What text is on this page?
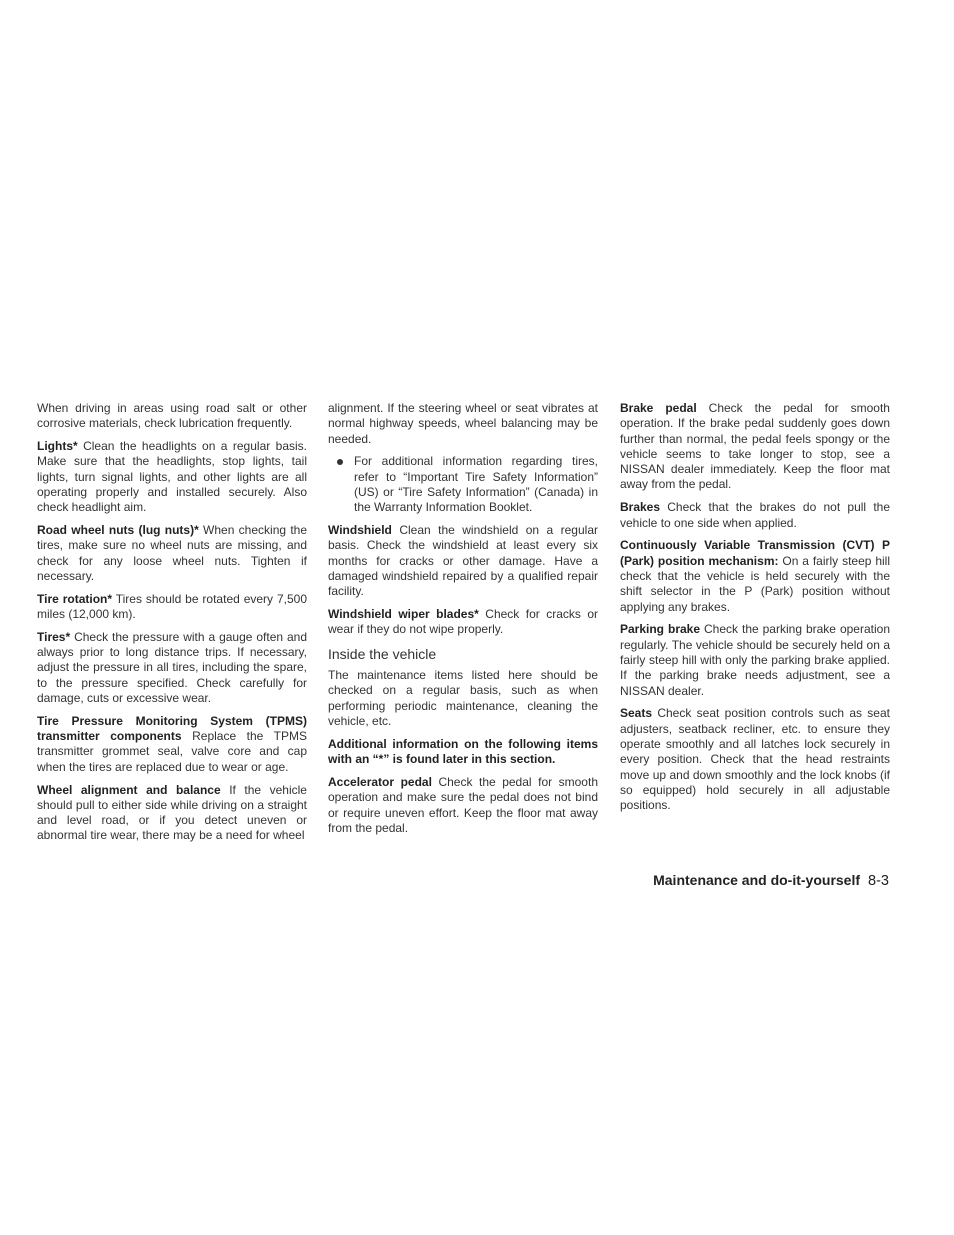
When driving in areas using road salt or other corrosive materials, check lubrication frequently.

Lights* Clean the headlights on a regular basis. Make sure that the headlights, stop lights, tail lights, turn signal lights, and other lights are all operating properly and installed securely. Also check headlight aim.

Road wheel nuts (lug nuts)* When checking the tires, make sure no wheel nuts are missing, and check for any loose wheel nuts. Tighten if necessary.

Tire rotation* Tires should be rotated every 7,500 miles (12,000 km).

Tires* Check the pressure with a gauge often and always prior to long distance trips. If necessary, adjust the pressure in all tires, including the spare, to the pressure specified. Check carefully for damage, cuts or excessive wear.

Tire Pressure Monitoring System (TPMS) transmitter components Replace the TPMS transmitter grommet seal, valve core and cap when the tires are replaced due to wear or age.

Wheel alignment and balance If the vehicle should pull to either side while driving on a straight and level road, or if you detect uneven or abnormal tire wear, there may be a need for wheel

alignment. If the steering wheel or seat vibrates at normal highway speeds, wheel balancing may be needed.

For additional information regarding tires, refer to “Important Tire Safety Information” (US) or “Tire Safety Information” (Canada) in the Warranty Information Booklet.

Windshield Clean the windshield on a regular basis. Check the windshield at least every six months for cracks or other damage. Have a damaged windshield repaired by a qualified repair facility.

Windshield wiper blades* Check for cracks or wear if they do not wipe properly.

Inside the vehicle

The maintenance items listed here should be checked on a regular basis, such as when performing periodic maintenance, cleaning the vehicle, etc.

Additional information on the following items with an “*” is found later in this section.

Accelerator pedal Check the pedal for smooth operation and make sure the pedal does not bind or require uneven effort. Keep the floor mat away from the pedal.

Brake pedal Check the pedal for smooth operation. If the brake pedal suddenly goes down further than normal, the pedal feels spongy or the vehicle seems to take longer to stop, see a NISSAN dealer immediately. Keep the floor mat away from the pedal.

Brakes Check that the brakes do not pull the vehicle to one side when applied.

Continuously Variable Transmission (CVT) P (Park) position mechanism: On a fairly steep hill check that the vehicle is held securely with the shift selector in the P (Park) position without applying any brakes.

Parking brake Check the parking brake operation regularly. The vehicle should be securely held on a fairly steep hill with only the parking brake applied. If the parking brake needs adjustment, see a NISSAN dealer.

Seats Check seat position controls such as seat adjusters, seatback recliner, etc. to ensure they operate smoothly and all latches lock securely in every position. Check that the head restraints move up and down smoothly and the lock knobs (if so equipped) hold securely in all adjustable positions.

Maintenance and do-it-yourself 8-3
